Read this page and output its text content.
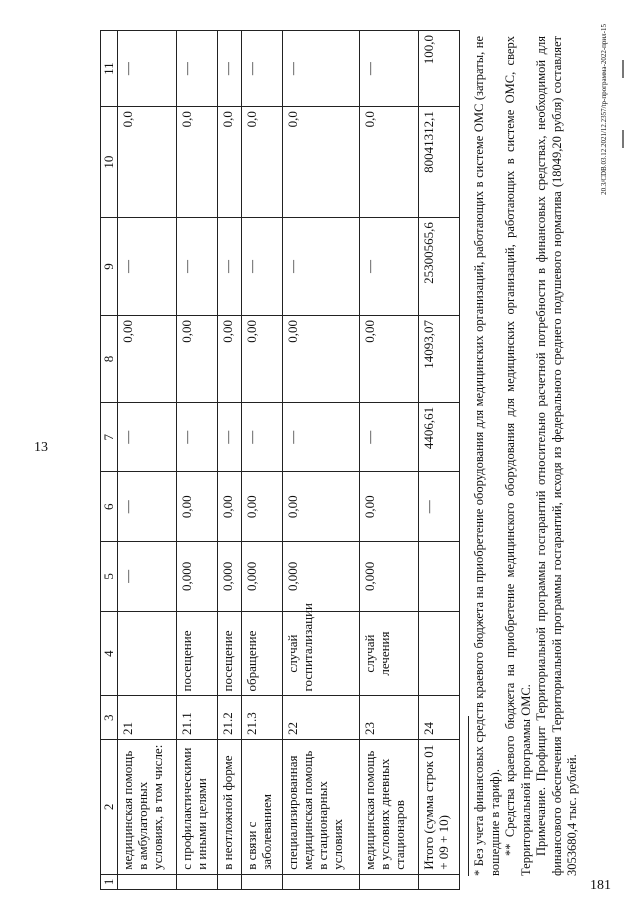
13
181
1	2	3	4	5	6	7	8	9	10	11
	медицинская помощь в амбулаторных условиях, в том числе:	21		—	—	—	0,00	—	0,0	—
	с профилактическими и иными целями	21.1	посещение	0,000	0,00	—	0,00	—	0,0	—
	в неотложной форме	21.2	посещение	0,000	0,00	—	0,00	—	0,0	—
	в связи с заболеванием	21.3	обращение	0,000	0,00	—	0,00	—	0,0	—
	специализированная медицинская помощь в стационарных условиях	22	случай госпитализации	0,000	0,00	—	0,00	—	0,0	—
	медицинская помощь в условиях дневных стационаров	23	случай лечения	0,000	0,00	—	0,00	—	0,0	—
	Итого (сумма строк 01 + 09 + 10)	24			—	4406,61	14093,07	25300565,6	80041312,1	100,0	* Без учета финансовых средств краевого бюджета на приобретение оборудования для медицинских организаций, работающих в системе ОМС (затраты, не вошедшие в тариф). ** Средства краевого бюджета на приобретение медицинского оборудования для медицинских организаций, работающих в системе ОМС, сверх Территориальной программы ОМС. Примечание. Профицит Территориальной программы госгарантий относительно расчетной потребности в финансовых средствах, необходимой для финансового обеспечения Территориальной программы госгарантий, исходя из федерального среднего подушевого норматива (18049,20 рубля) составляет 3053680,4 тыс. рублей.

20.3/CDB.03.12.2021/12.2357/tp-программа-2022-прил-15
